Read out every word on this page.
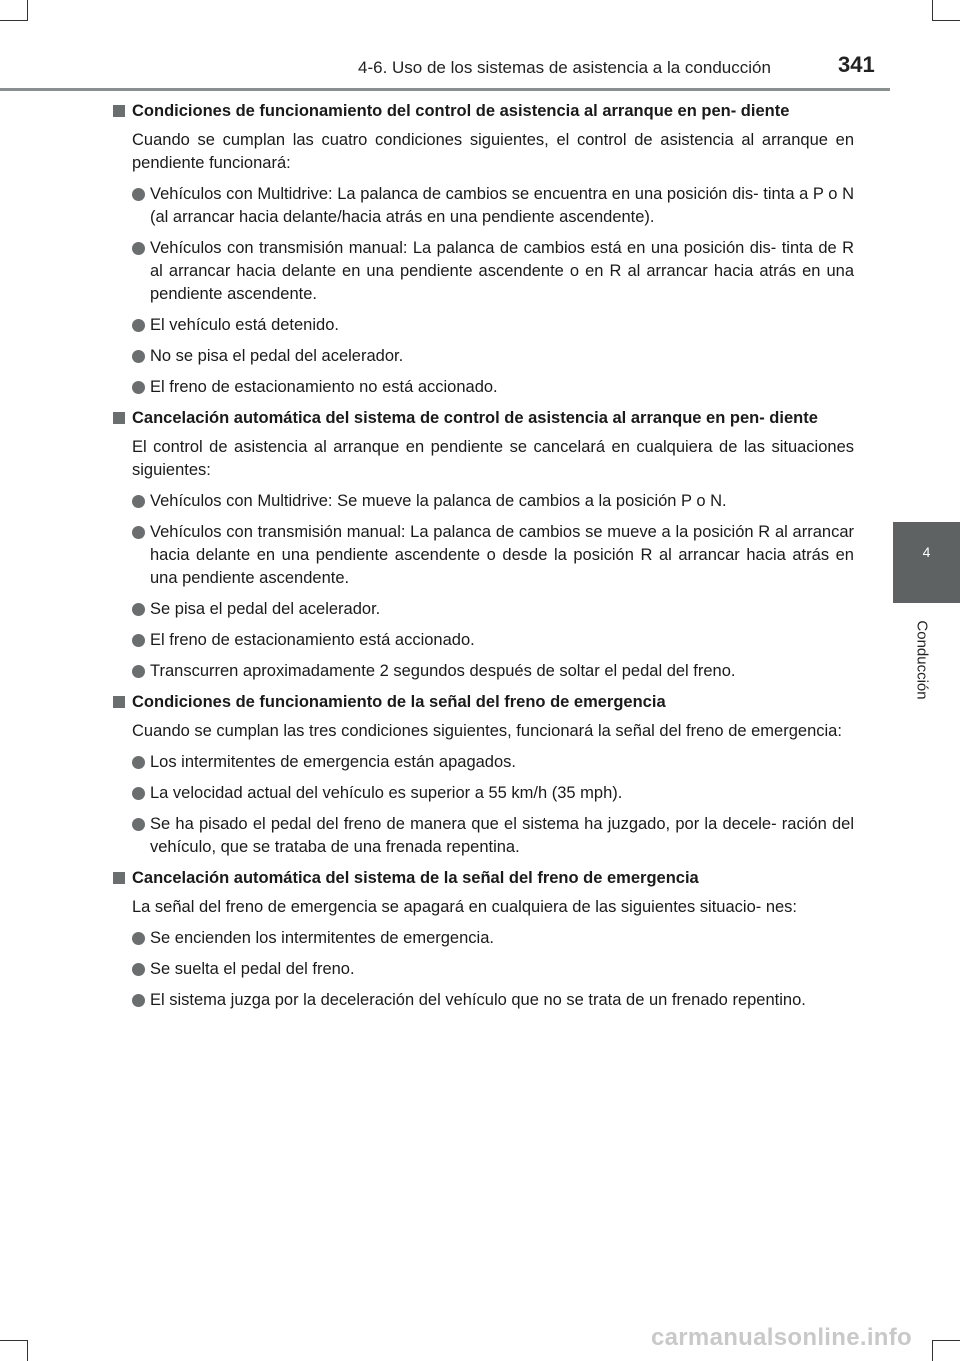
4-6. Uso de los sistemas de asistencia a la conducción	341
4
Conducción
Condiciones de funcionamiento del control de asistencia al arranque en pen- diente
Cuando se cumplan las cuatro condiciones siguientes, el control de asistencia al arranque en pendiente funcionará:
Vehículos con Multidrive: La palanca de cambios se encuentra en una posición dis- tinta a P o N (al arrancar hacia delante/hacia atrás en una pendiente ascendente).
Vehículos con transmisión manual: La palanca de cambios está en una posición dis- tinta de R al arrancar hacia delante en una pendiente ascendente o en R al arrancar hacia atrás en una pendiente ascendente.
El vehículo está detenido.
No se pisa el pedal del acelerador.
El freno de estacionamiento no está accionado.
Cancelación automática del sistema de control de asistencia al arranque en pen- diente
El control de asistencia al arranque en pendiente se cancelará en cualquiera de las situaciones siguientes:
Vehículos con Multidrive: Se mueve la palanca de cambios a la posición P o N.
Vehículos con transmisión manual: La palanca de cambios se mueve a la posición R al arrancar hacia delante en una pendiente ascendente o desde la posición R al arrancar hacia atrás en una pendiente ascendente.
Se pisa el pedal del acelerador.
El freno de estacionamiento está accionado.
Transcurren aproximadamente 2 segundos después de soltar el pedal del freno.
Condiciones de funcionamiento de la señal del freno de emergencia
Cuando se cumplan las tres condiciones siguientes, funcionará la señal del freno de emergencia:
Los intermitentes de emergencia están apagados.
La velocidad actual del vehículo es superior a 55 km/h (35 mph).
Se ha pisado el pedal del freno de manera que el sistema ha juzgado, por la decele- ración del vehículo, que se trataba de una frenada repentina.
Cancelación automática del sistema de la señal del freno de emergencia
La señal del freno de emergencia se apagará en cualquiera de las siguientes situacio- nes:
Se encienden los intermitentes de emergencia.
Se suelta el pedal del freno.
El sistema juzga por la deceleración del vehículo que no se trata de un frenado repentino.
carmanualsonline.info
